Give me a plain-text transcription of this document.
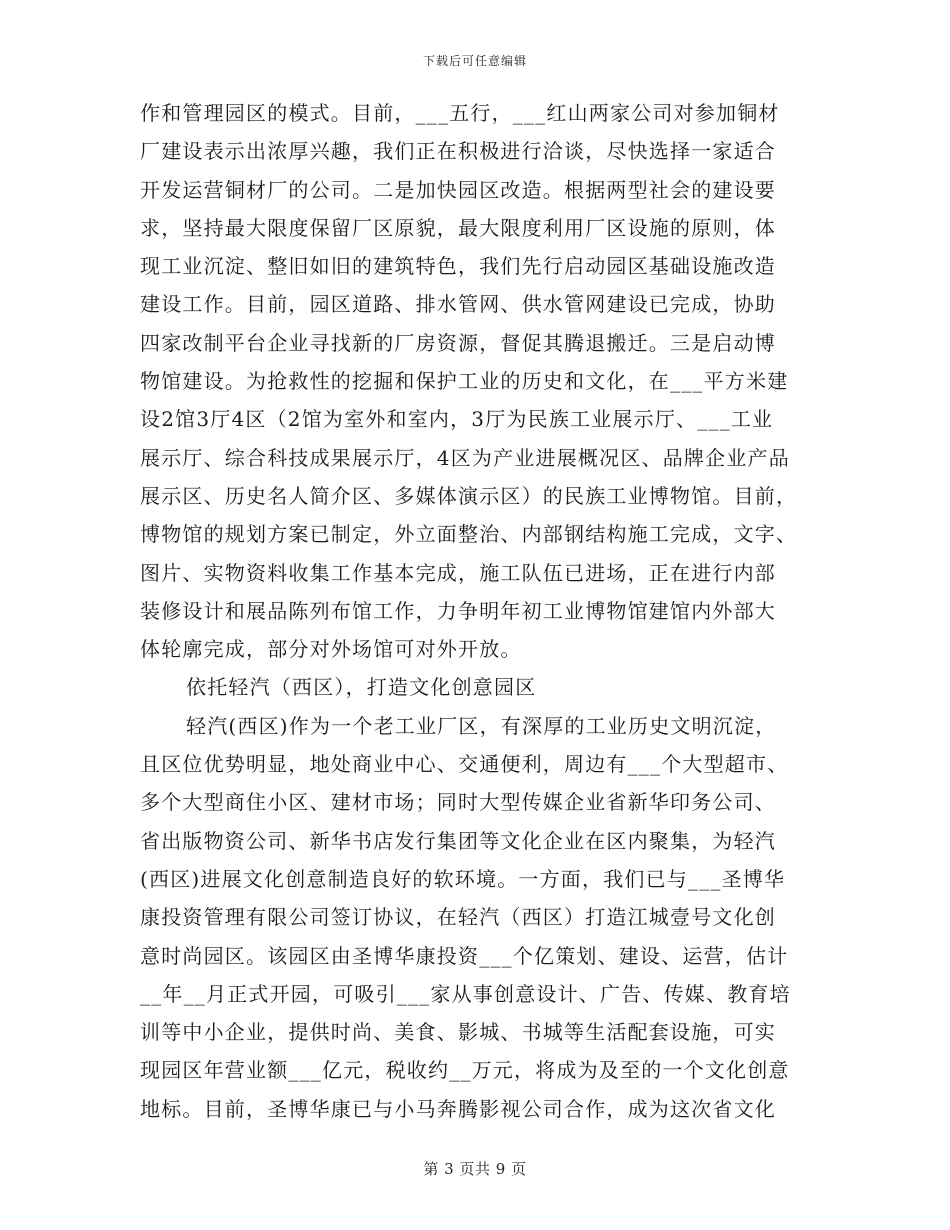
下载后可任意编辑
作和管理园区的模式。目前，___五行，___红山两家公司对参加铜材
厂建设表示出浓厚兴趣，我们正在积极进行洽谈，尽快选择一家适合
开发运营铜材厂的公司。二是加快园区改造。根据两型社会的建设要
求，坚持最大限度保留厂区原貌，最大限度利用厂区设施的原则，体
现工业沉淀、整旧如旧的建筑特色，我们先行启动园区基础设施改造
建设工作。目前，园区道路、排水管网、供水管网建设已完成，协助
四家改制平台企业寻找新的厂房资源，督促其腾退搬迁。三是启动博
物馆建设。为抢救性的挖掘和保护工业的历史和文化，在___平方米建
设2馆3厅4区（2馆为室外和室内，3厅为民族工业展示厅、___工业
展示厅、综合科技成果展示厅，4区为产业进展概况区、品牌企业产品
展示区、历史名人简介区、多媒体演示区）的民族工业博物馆。目前，
博物馆的规划方案已制定，外立面整治、内部钢结构施工完成，文字、
图片、实物资料收集工作基本完成，施工队伍已进场，正在进行内部
装修设计和展品陈列布馆工作，力争明年初工业博物馆建馆内外部大
体轮廓完成，部分对外场馆可对外开放。
依托轻汽（西区），打造文化创意园区
轻汽(西区)作为一个老工业厂区，有深厚的工业历史文明沉淀，
且区位优势明显，地处商业中心、交通便利，周边有___个大型超市、
多个大型商住小区、建材市场；同时大型传媒企业省新华印务公司、
省出版物资公司、新华书店发行集团等文化企业在区内聚集，为轻汽
(西区)进展文化创意制造良好的软环境。一方面，我们已与___圣博华
康投资管理有限公司签订协议，在轻汽（西区）打造江城壹号文化创
意时尚园区。该园区由圣博华康投资___个亿策划、建设、运营，估计
__年__月正式开园，可吸引___家从事创意设计、广告、传媒、教育培
训等中小企业，提供时尚、美食、影城、书城等生活配套设施，可实
现园区年营业额___亿元，税收约__万元，将成为及至的一个文化创意
地标。目前，圣博华康已与小马奔腾影视公司合作，成为这次省文化
第 3 页共 9 页
